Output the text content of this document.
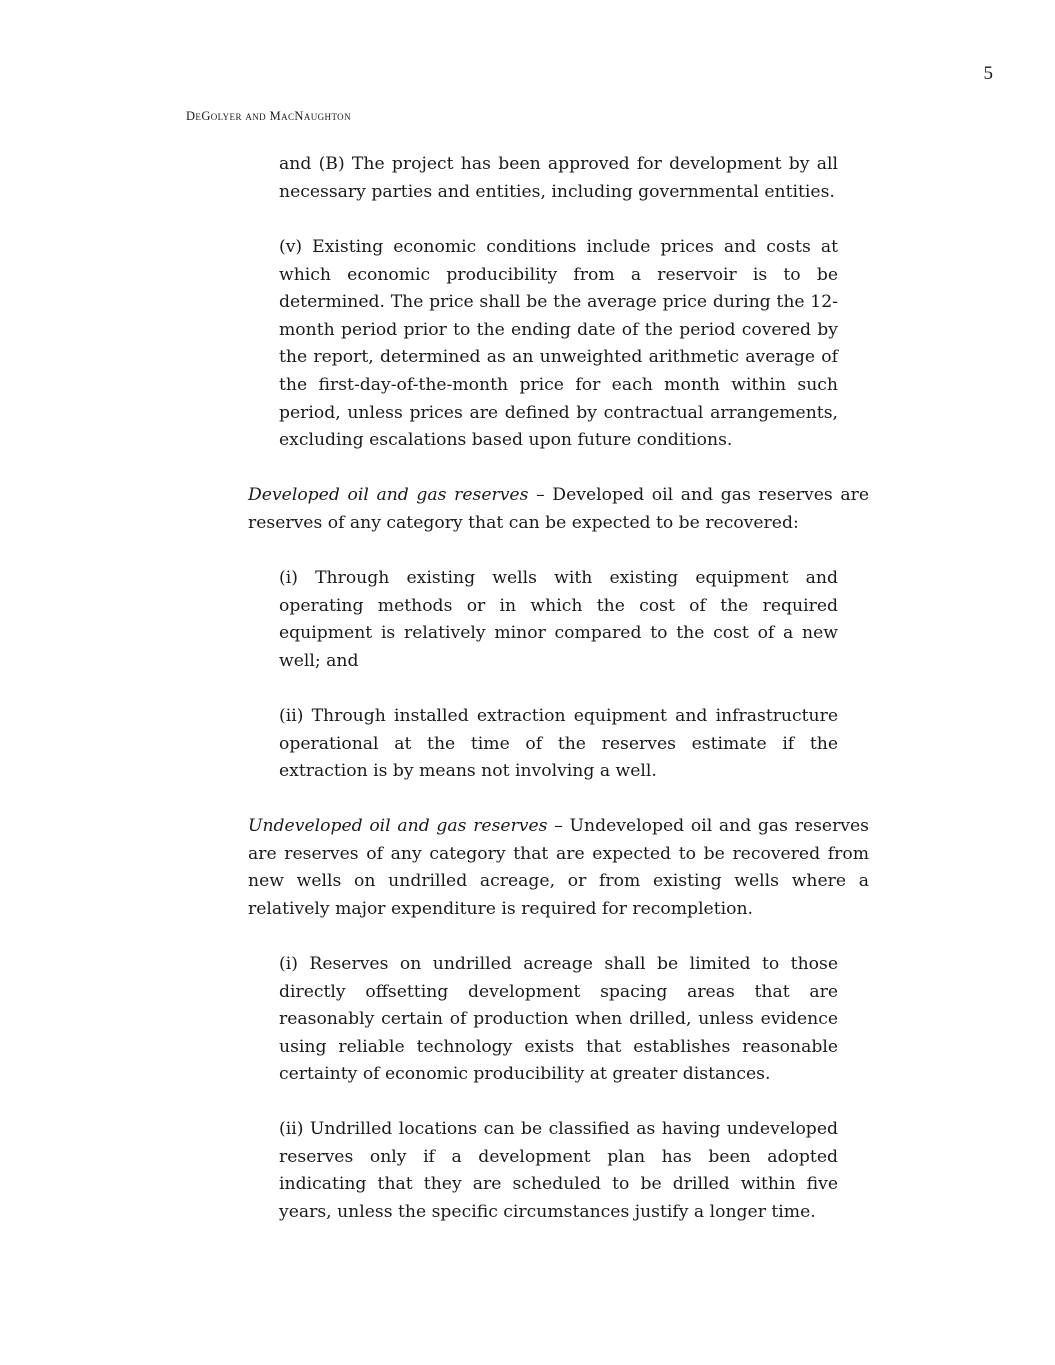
5
DeGolyer and MacNaughton

and (B) The project has been approved for development by all necessary parties and entities, including governmental entities.

(v) Existing economic conditions include prices and costs at which economic producibility from a reservoir is to be determined. The price shall be the average price during the 12-month period prior to the ending date of the period covered by the report, determined as an unweighted arithmetic average of the first-day-of-the-month price for each month within such period, unless prices are defined by contractual arrangements, excluding escalations based upon future conditions.

Developed oil and gas reserves – Developed oil and gas reserves are reserves of any category that can be expected to be recovered:

(i) Through existing wells with existing equipment and operating methods or in which the cost of the required equipment is relatively minor compared to the cost of a new well; and

(ii) Through installed extraction equipment and infrastructure operational at the time of the reserves estimate if the extraction is by means not involving a well.

Undeveloped oil and gas reserves – Undeveloped oil and gas reserves are reserves of any category that are expected to be recovered from new wells on undrilled acreage, or from existing wells where a relatively major expenditure is required for recompletion.

(i) Reserves on undrilled acreage shall be limited to those directly offsetting development spacing areas that are reasonably certain of production when drilled, unless evidence using reliable technology exists that establishes reasonable certainty of economic producibility at greater distances.

(ii) Undrilled locations can be classified as having undeveloped reserves only if a development plan has been adopted indicating that they are scheduled to be drilled within five years, unless the specific circumstances justify a longer time.
